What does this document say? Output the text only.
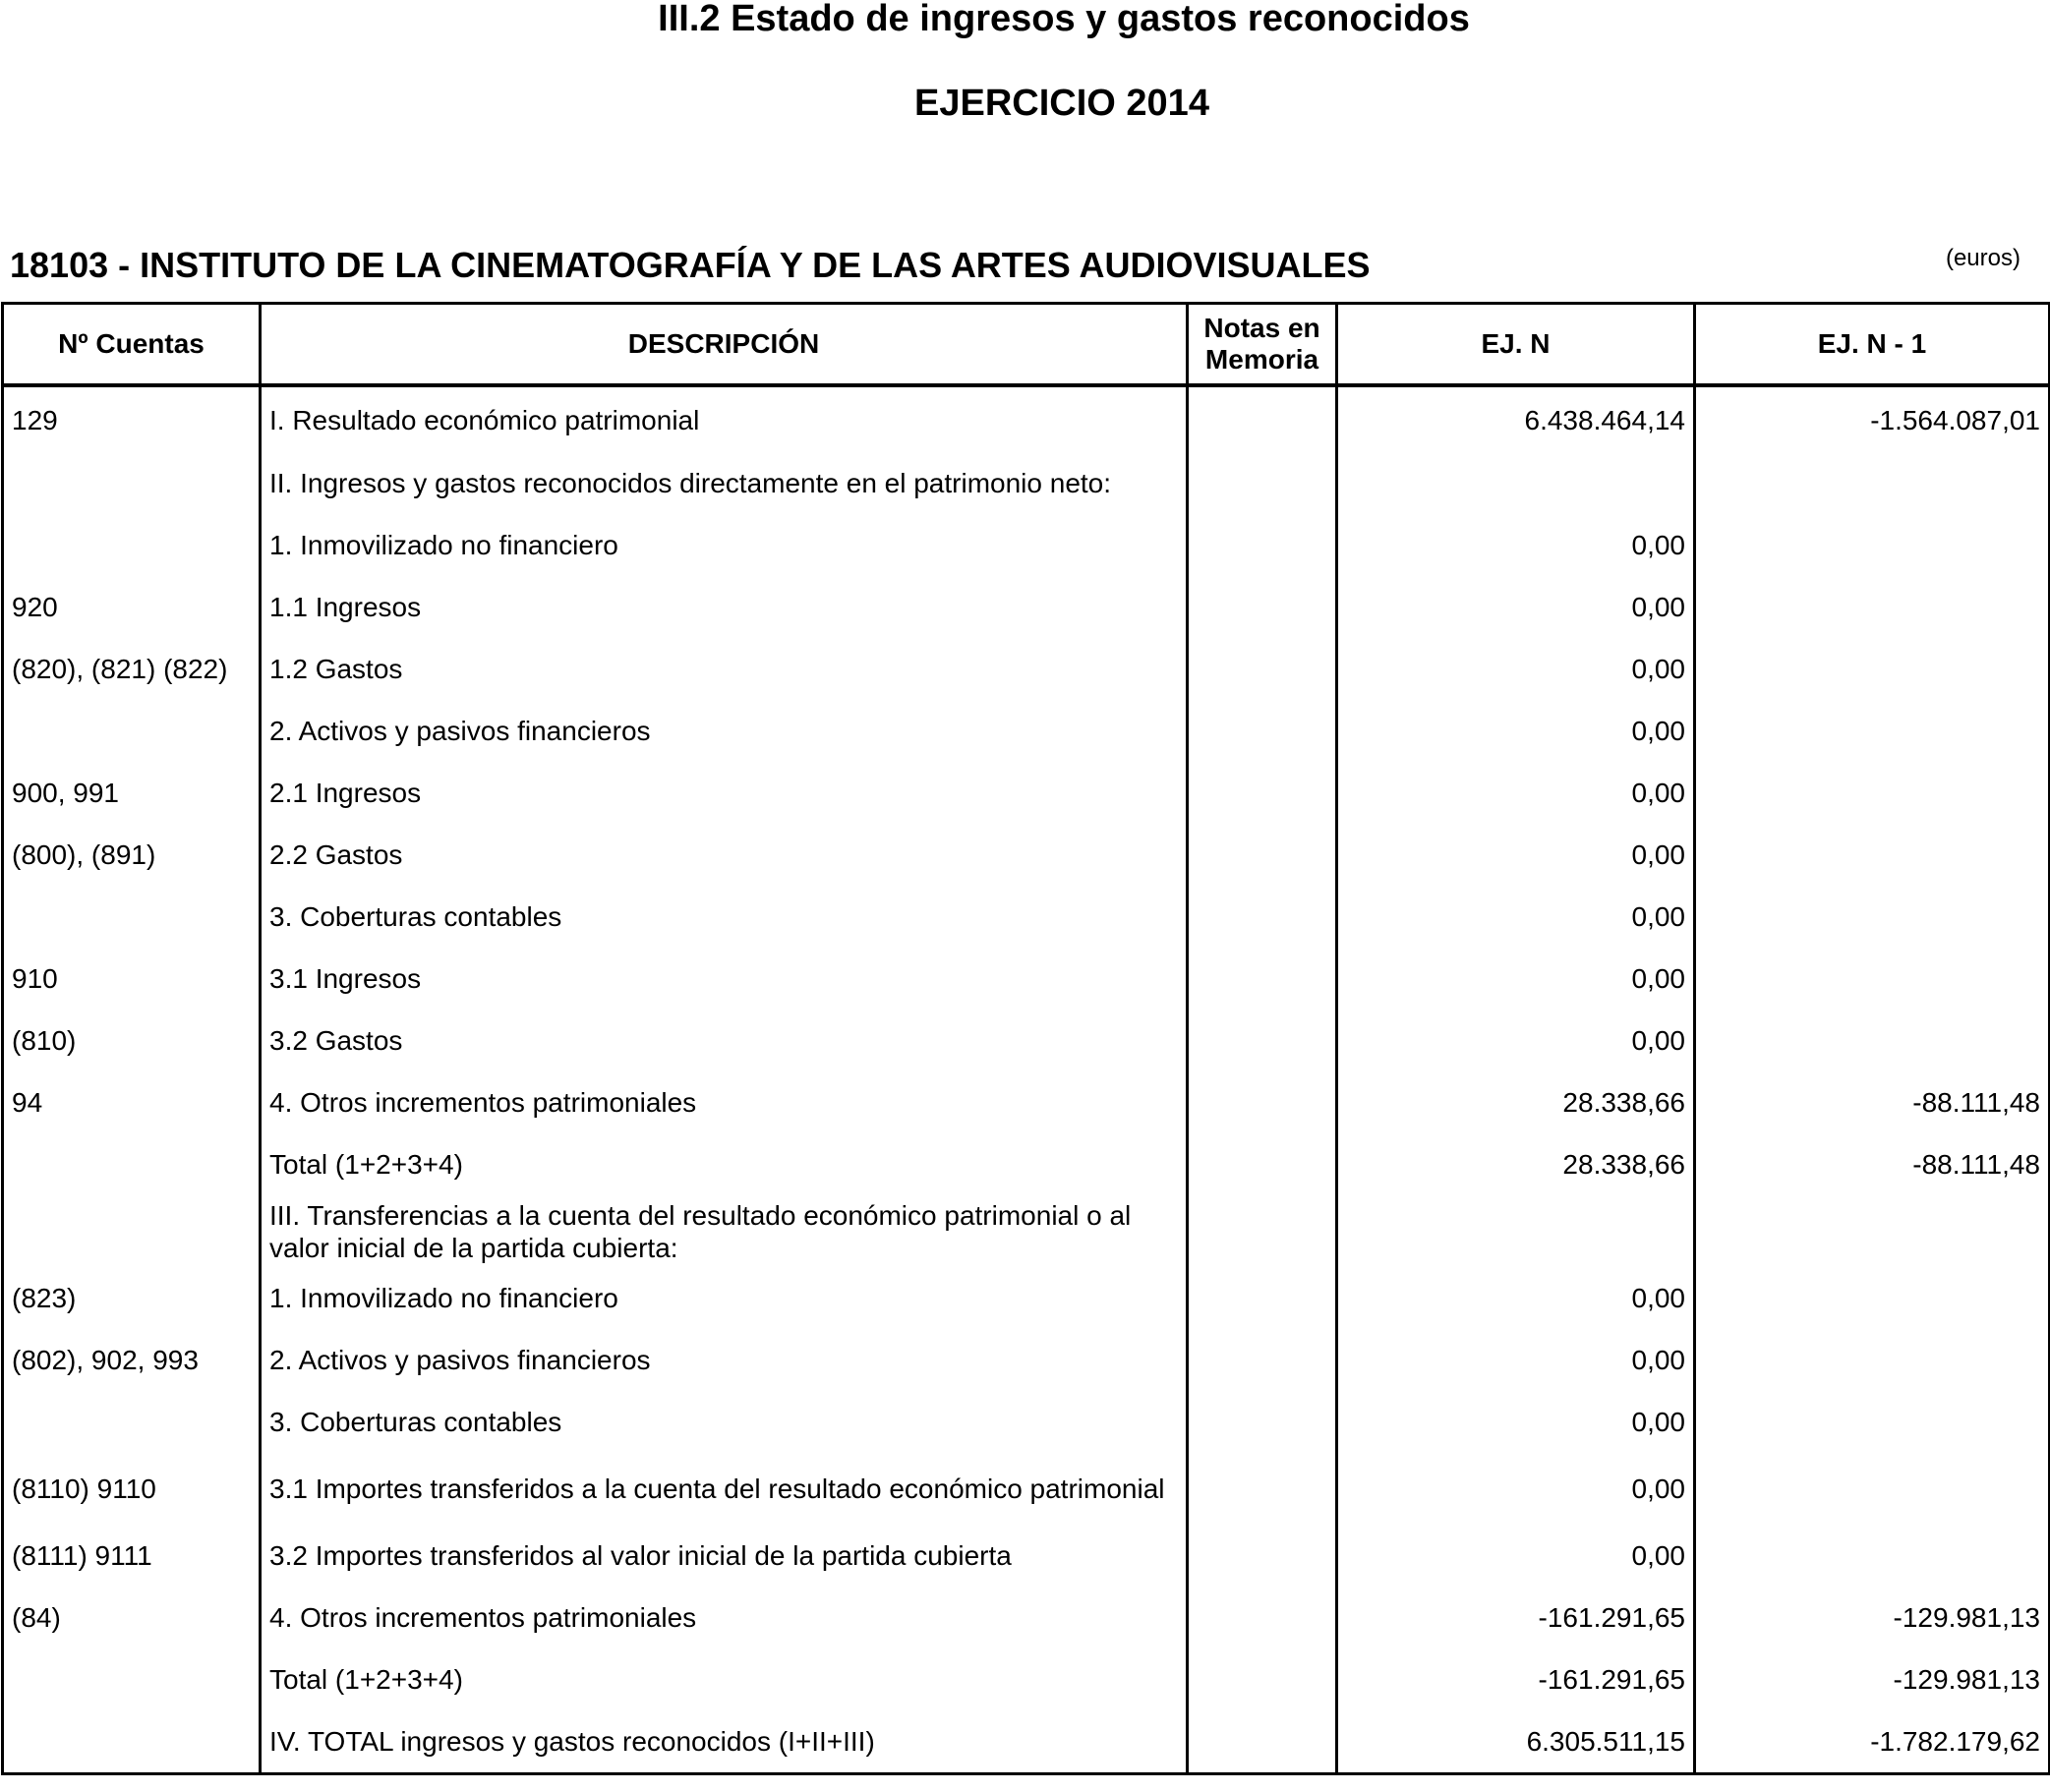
III.2 Estado de ingresos y gastos reconocidos
EJERCICIO 2014
18103 - INSTITUTO DE LA CINEMATOGRAFÍA Y DE LAS ARTES AUDIOVISUALES	(euros)
Nº Cuentas	DESCRIPCIÓN	Notas en Memoria	EJ. N	EJ. N - 1
129	I. Resultado económico patrimonial		6.438.464,14	-1.564.087,01
	II. Ingresos y gastos reconocidos directamente en el patrimonio neto:			
	1. Inmovilizado no financiero		0,00	
920	1.1 Ingresos		0,00	
(820), (821) (822)	1.2 Gastos		0,00	
	2. Activos y pasivos financieros		0,00	
900, 991	2.1 Ingresos		0,00	
(800), (891)	2.2 Gastos		0,00	
	3. Coberturas contables		0,00	
910	3.1 Ingresos		0,00	
(810)	3.2 Gastos		0,00	
94	4. Otros incrementos patrimoniales		28.338,66	-88.111,48
	Total (1+2+3+4)		28.338,66	-88.111,48
	III. Transferencias a la cuenta del resultado económico patrimonial o al valor inicial de la partida cubierta:			
(823)	1. Inmovilizado no financiero		0,00	
(802), 902, 993	2. Activos y pasivos financieros		0,00	
	3. Coberturas contables		0,00	
(8110) 9110	3.1 Importes transferidos a la cuenta del resultado económico patrimonial		0,00	
(8111) 9111	3.2 Importes transferidos al valor inicial de la partida cubierta		0,00	
(84)	4. Otros incrementos patrimoniales		-161.291,65	-129.981,13
	Total (1+2+3+4)		-161.291,65	-129.981,13
	IV. TOTAL ingresos y gastos reconocidos (I+II+III)		6.305.511,15	-1.782.179,62
